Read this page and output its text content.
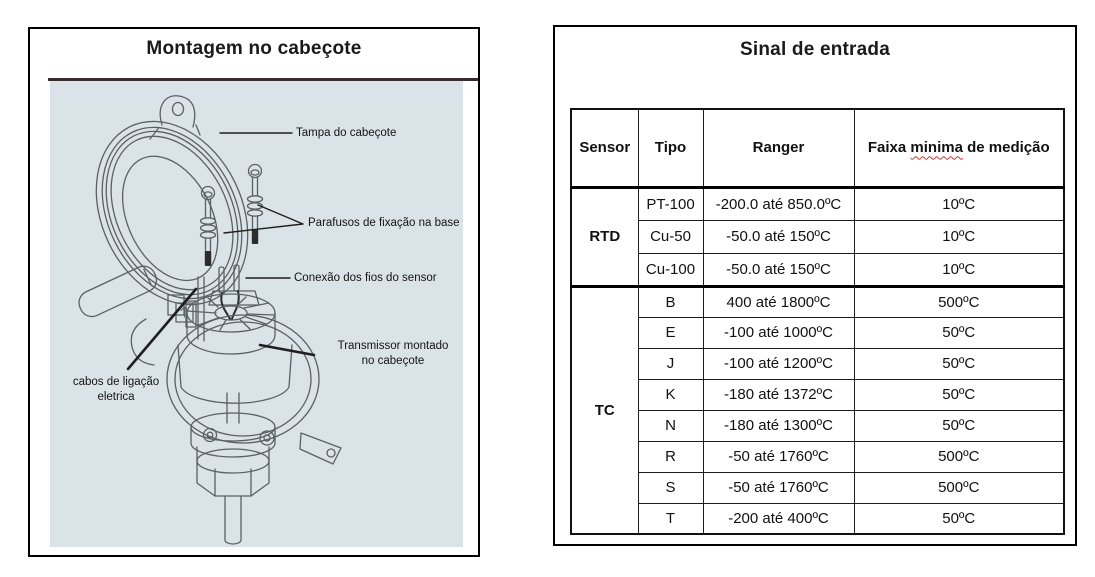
Montagem no cabeçote
Tampa do cabeçote
Parafusos de fixação na base
Conexão dos fios do sensor
Transmissor montado
no cabeçote
cabos de ligação
eletrica
Sinal de entrada
Sensor	Tipo	Ranger	Faixa minima de medição
RTD	PT-100	-200.0 até 850.0ºC	10ºC
	Cu-50	-50.0 até 150ºC	10ºC
	Cu-100	-50.0 até 150ºC	10ºC
TC	B	400 até 1800ºC	500ºC
	E	-100 até 1000ºC	50ºC
	J	-100 até 1200ºC	50ºC
	K	-180 até 1372ºC	50ºC
	N	-180 até 1300ºC	50ºC
	R	-50 até 1760ºC	500ºC
	S	-50 até 1760ºC	500ºC
	T	-200 até 400ºC	50ºC
